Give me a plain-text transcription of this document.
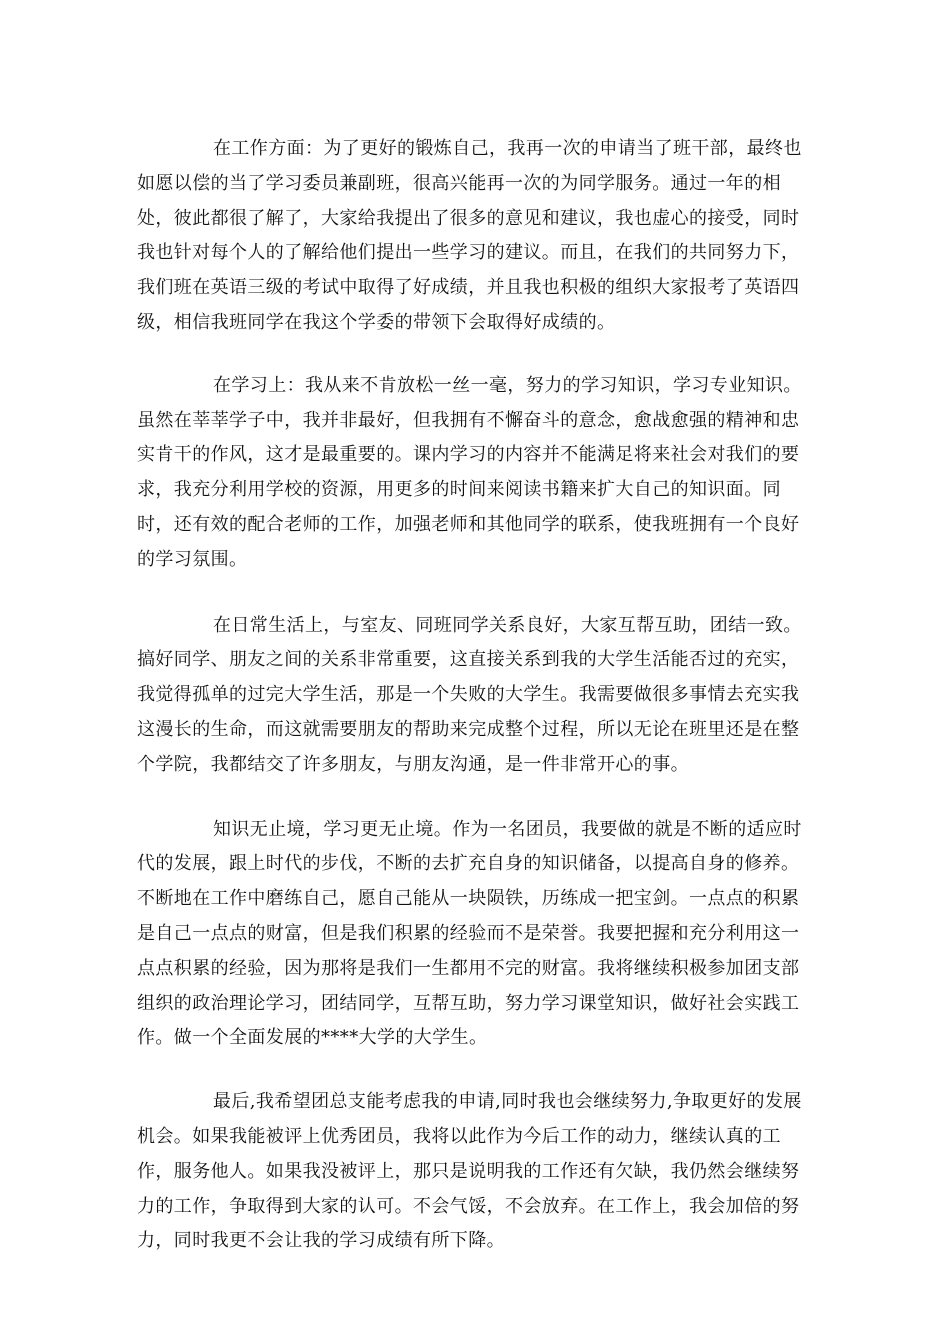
在工作方面：为了更好的锻炼自己，我再一次的申请当了班干部，最终也如愿以偿的当了学习委员兼副班，很高兴能再一次的为同学服务。通过一年的相处，彼此都很了解了，大家给我提出了很多的意见和建议，我也虚心的接受，同时我也针对每个人的了解给他们提出一些学习的建议。而且，在我们的共同努力下，我们班在英语三级的考试中取得了好成绩，并且我也积极的组织大家报考了英语四级，相信我班同学在我这个学委的带领下会取得好成绩的。

在学习上：我从来不肯放松一丝一毫，努力的学习知识，学习专业知识。虽然在莘莘学子中，我并非最好，但我拥有不懈奋斗的意念，愈战愈强的精神和忠实肯干的作风，这才是最重要的。课内学习的内容并不能满足将来社会对我们的要求，我充分利用学校的资源，用更多的时间来阅读书籍来扩大自己的知识面。同时，还有效的配合老师的工作，加强老师和其他同学的联系，使我班拥有一个良好的学习氛围。

在日常生活上，与室友、同班同学关系良好，大家互帮互助，团结一致。搞好同学、朋友之间的关系非常重要，这直接关系到我的大学生活能否过的充实，我觉得孤单的过完大学生活，那是一个失败的大学生。我需要做很多事情去充实我这漫长的生命，而这就需要朋友的帮助来完成整个过程，所以无论在班里还是在整个学院，我都结交了许多朋友，与朋友沟通，是一件非常开心的事。

知识无止境，学习更无止境。作为一名团员，我要做的就是不断的适应时代的发展，跟上时代的步伐，不断的去扩充自身的知识储备，以提高自身的修养。不断地在工作中磨练自己，愿自己能从一块陨铁，历练成一把宝剑。一点点的积累是自己一点点的财富，但是我们积累的经验而不是荣誉。我要把握和充分利用这一点点积累的经验，因为那将是我们一生都用不完的财富。我将继续积极参加团支部组织的政治理论学习，团结同学，互帮互助，努力学习课堂知识，做好社会实践工作。做一个全面发展的****大学的大学生。

最后,我希望团总支能考虑我的申请,同时我也会继续努力,争取更好的发展机会。如果我能被评上优秀团员，我将以此作为今后工作的动力，继续认真的工作，服务他人。如果我没被评上，那只是说明我的工作还有欠缺，我仍然会继续努力的工作，争取得到大家的认可。不会气馁，不会放弃。在工作上，我会加倍的努力，同时我更不会让我的学习成绩有所下降。
